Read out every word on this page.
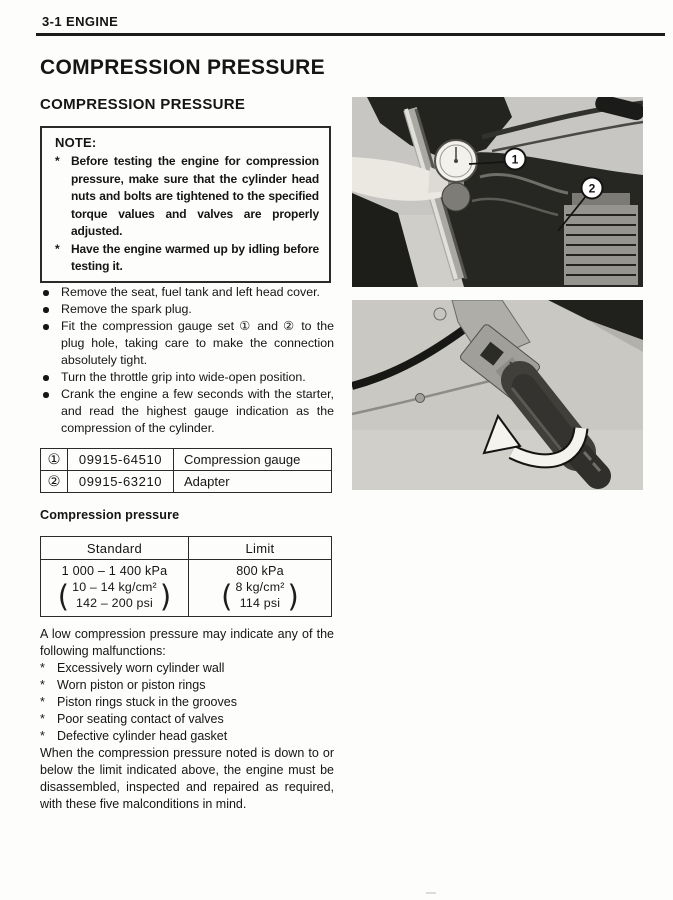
3-1 ENGINE
COMPRESSION PRESSURE
COMPRESSION PRESSURE
NOTE:
* Before testing the engine for compression pressure, make sure that the cylinder head nuts and bolts are tightened to the specified torque values and valves are properly adjusted.
* Have the engine warmed up by idling before testing it.
Remove the seat, fuel tank and left head cover.
Remove the spark plug.
Fit the compression gauge set ① and ② to the plug hole, taking care to make the connection absolutely tight.
Turn the throttle grip into wide-open position.
Crank the engine a few seconds with the starter, and read the highest gauge indication as the compression of the cylinder.
①	09915-64510	Compression gauge
②	09915-63210	Adapter
Compression pressure
Standard	Limit

1 000 – 1 400 kPa
( 10 – 14 kg/cm²
142 – 200 psi )

800 kPa
( 8 kg/cm²
114 psi )
A low compression pressure may indicate any of the following malfunctions:
* Excessively worn cylinder wall
* Worn piston or piston rings
* Piston rings stuck in the grooves
* Poor seating contact of valves
* Defective cylinder head gasket
When the compression pressure noted is down to or below the limit indicated above, the engine must be disassembled, inspected and repaired as required, with these five malconditions in mind.
1
2
